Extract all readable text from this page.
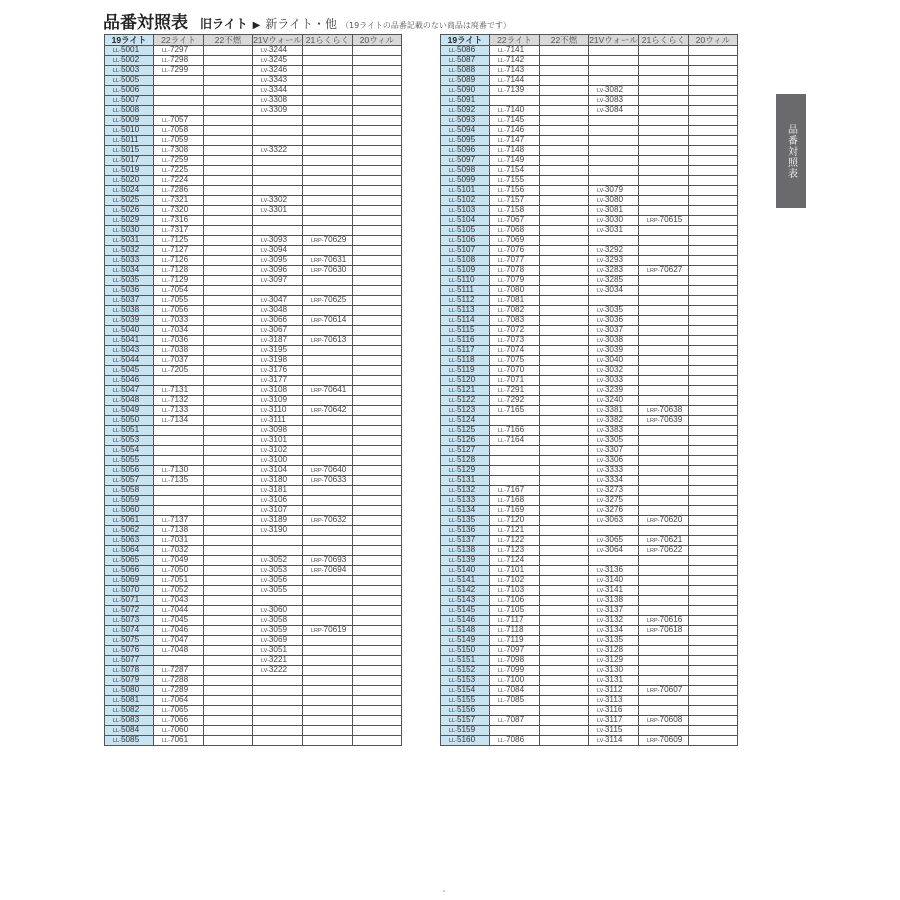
品番対照表 旧ライト ▶ 新ライト・他 （19ライトの品番記載のない商品は廃番です）
19ライト	22ライト	22不燃	21Vウォール	21らくらく	20ウィル
LL-5001	LL-7297		LV-3244		
LL-5002	LL-7298		LV-3245		
LL-5003	LL-7299		LV-3246		
LL-5005			LV-3343		
LL-5006			LV-3344		
LL-5007			LV-3308		
LL-5008			LV-3309		
LL-5009	LL-7057				
LL-5010	LL-7058				
LL-5011	LL-7059				
LL-5015	LL-7308		LV-3322		
LL-5017	LL-7259				
LL-5019	LL-7225				
LL-5020	LL-7224				
LL-5024	LL-7286				
LL-5025	LL-7321		LV-3302		
LL-5026	LL-7320		LV-3301		
LL-5029	LL-7316				
LL-5030	LL-7317				
LL-5031	LL-7125		LV-3093	LRP-70629	
LL-5032	LL-7127		LV-3094		
LL-5033	LL-7126		LV-3095	LRP-70631	
LL-5034	LL-7128		LV-3096	LRP-70630	
LL-5035	LL-7129		LV-3097		
LL-5036	LL-7054				
LL-5037	LL-7055		LV-3047	LRP-70625	
LL-5038	LL-7056		LV-3048		
LL-5039	LL-7033		LV-3066	LRP-70614	
LL-5040	LL-7034		LV-3067		
LL-5041	LL-7036		LV-3187	LRP-70613	
LL-5043	LL-7038		LV-3195		
LL-5044	LL-7037		LV-3198		
LL-5045	LL-7205		LV-3176		
LL-5046			LV-3177		
LL-5047	LL-7131		LV-3108	LRP-70641	
LL-5048	LL-7132		LV-3109		
LL-5049	LL-7133		LV-3110	LRP-70642	
LL-5050	LL-7134		LV-3111		
LL-5051			LV-3098		
LL-5053			LV-3101		
LL-5054			LV-3102		
LL-5055			LV-3100		
LL-5056	LL-7130		LV-3104	LRP-70640	
LL-5057	LL-7135		LV-3180	LRP-70633	
LL-5058			LV-3181		
LL-5059			LV-3106		
LL-5060			LV-3107		
LL-5061	LL-7137		LV-3189	LRP-70632	
LL-5062	LL-7138		LV-3190		
LL-5063	LL-7031				
LL-5064	LL-7032				
LL-5065	LL-7049		LV-3052	LRP-70693	
LL-5066	LL-7050		LV-3053	LRP-70694	
LL-5069	LL-7051		LV-3056		
LL-5070	LL-7052		LV-3055		
LL-5071	LL-7043				
LL-5072	LL-7044		LV-3060		
LL-5073	LL-7045		LV-3058		
LL-5074	LL-7046		LV-3059	LRP-70619	
LL-5075	LL-7047		LV-3069		
LL-5076	LL-7048		LV-3051		
LL-5077			LV-3221		
LL-5078	LL-7287		LV-3222		
LL-5079	LL-7288				
LL-5080	LL-7289				
LL-5081	LL-7064				
LL-5082	LL-7065				
LL-5083	LL-7066				
LL-5084	LL-7060				
LL-5085	LL-7061				
19ライト	22ライト	22不燃	21Vウォール	21らくらく	20ウィル
LL-5086	LL-7141				
LL-5087	LL-7142				
LL-5088	LL-7143				
LL-5089	LL-7144				
LL-5090	LL-7139		LV-3082		
LL-5091			LV-3083		
LL-5092	LL-7140		LV-3084		
LL-5093	LL-7145				
LL-5094	LL-7146				
LL-5095	LL-7147				
LL-5096	LL-7148				
LL-5097	LL-7149				
LL-5098	LL-7154				
LL-5099	LL-7155				
LL-5101	LL-7156		LV-3079		
LL-5102	LL-7157		LV-3080		
LL-5103	LL-7158		LV-3081		
LL-5104	LL-7067		LV-3030	LRP-70615	
LL-5105	LL-7068		LV-3031		
LL-5106	LL-7069				
LL-5107	LL-7076		LV-3292		
LL-5108	LL-7077		LV-3293		
LL-5109	LL-7078		LV-3283	LRP-70627	
LL-5110	LL-7079		LV-3285		
LL-5111	LL-7080		LV-3034		
LL-5112	LL-7081				
LL-5113	LL-7082		LV-3035		
LL-5114	LL-7083		LV-3036		
LL-5115	LL-7072		LV-3037		
LL-5116	LL-7073		LV-3038		
LL-5117	LL-7074		LV-3039		
LL-5118	LL-7075		LV-3040		
LL-5119	LL-7070		LV-3032		
LL-5120	LL-7071		LV-3033		
LL-5121	LL-7291		LV-3239		
LL-5122	LL-7292		LV-3240		
LL-5123	LL-7165		LV-3381	LRP-70638	
LL-5124			LV-3382	LRP-70639	
LL-5125	LL-7166		LV-3383		
LL-5126	LL-7164		LV-3305		
LL-5127			LV-3307		
LL-5128			LV-3306		
LL-5129			LV-3333		
LL-5131			LV-3334		
LL-5132	LL-7167		LV-3273		
LL-5133	LL-7168		LV-3275		
LL-5134	LL-7169		LV-3276		
LL-5135	LL-7120		LV-3063	LRP-70620	
LL-5136	LL-7121				
LL-5137	LL-7122		LV-3065	LRP-70621	
LL-5138	LL-7123		LV-3064	LRP-70622	
LL-5139	LL-7124				
LL-5140	LL-7101		LV-3136		
LL-5141	LL-7102		LV-3140		
LL-5142	LL-7103		LV-3141		
LL-5143	LL-7106		LV-3138		
LL-5145	LL-7105		LV-3137		
LL-5146	LL-7117		LV-3132	LRP-70616	
LL-5148	LL-7118		LV-3134	LRP-70618	
LL-5149	LL-7119		LV-3135		
LL-5150	LL-7097		LV-3128		
LL-5151	LL-7098		LV-3129		
LL-5152	LL-7099		LV-3130		
LL-5153	LL-7100		LV-3131		
LL-5154	LL-7084		LV-3112	LRP-70607	
LL-5155	LL-7085		LV-3113		
LL-5156			LV-3116		
LL-5157	LL-7087		LV-3117	LRP-70608	
LL-5159			LV-3115		
LL-5160	LL-7086		LV-3114	LRP-70609	
品番対照表
